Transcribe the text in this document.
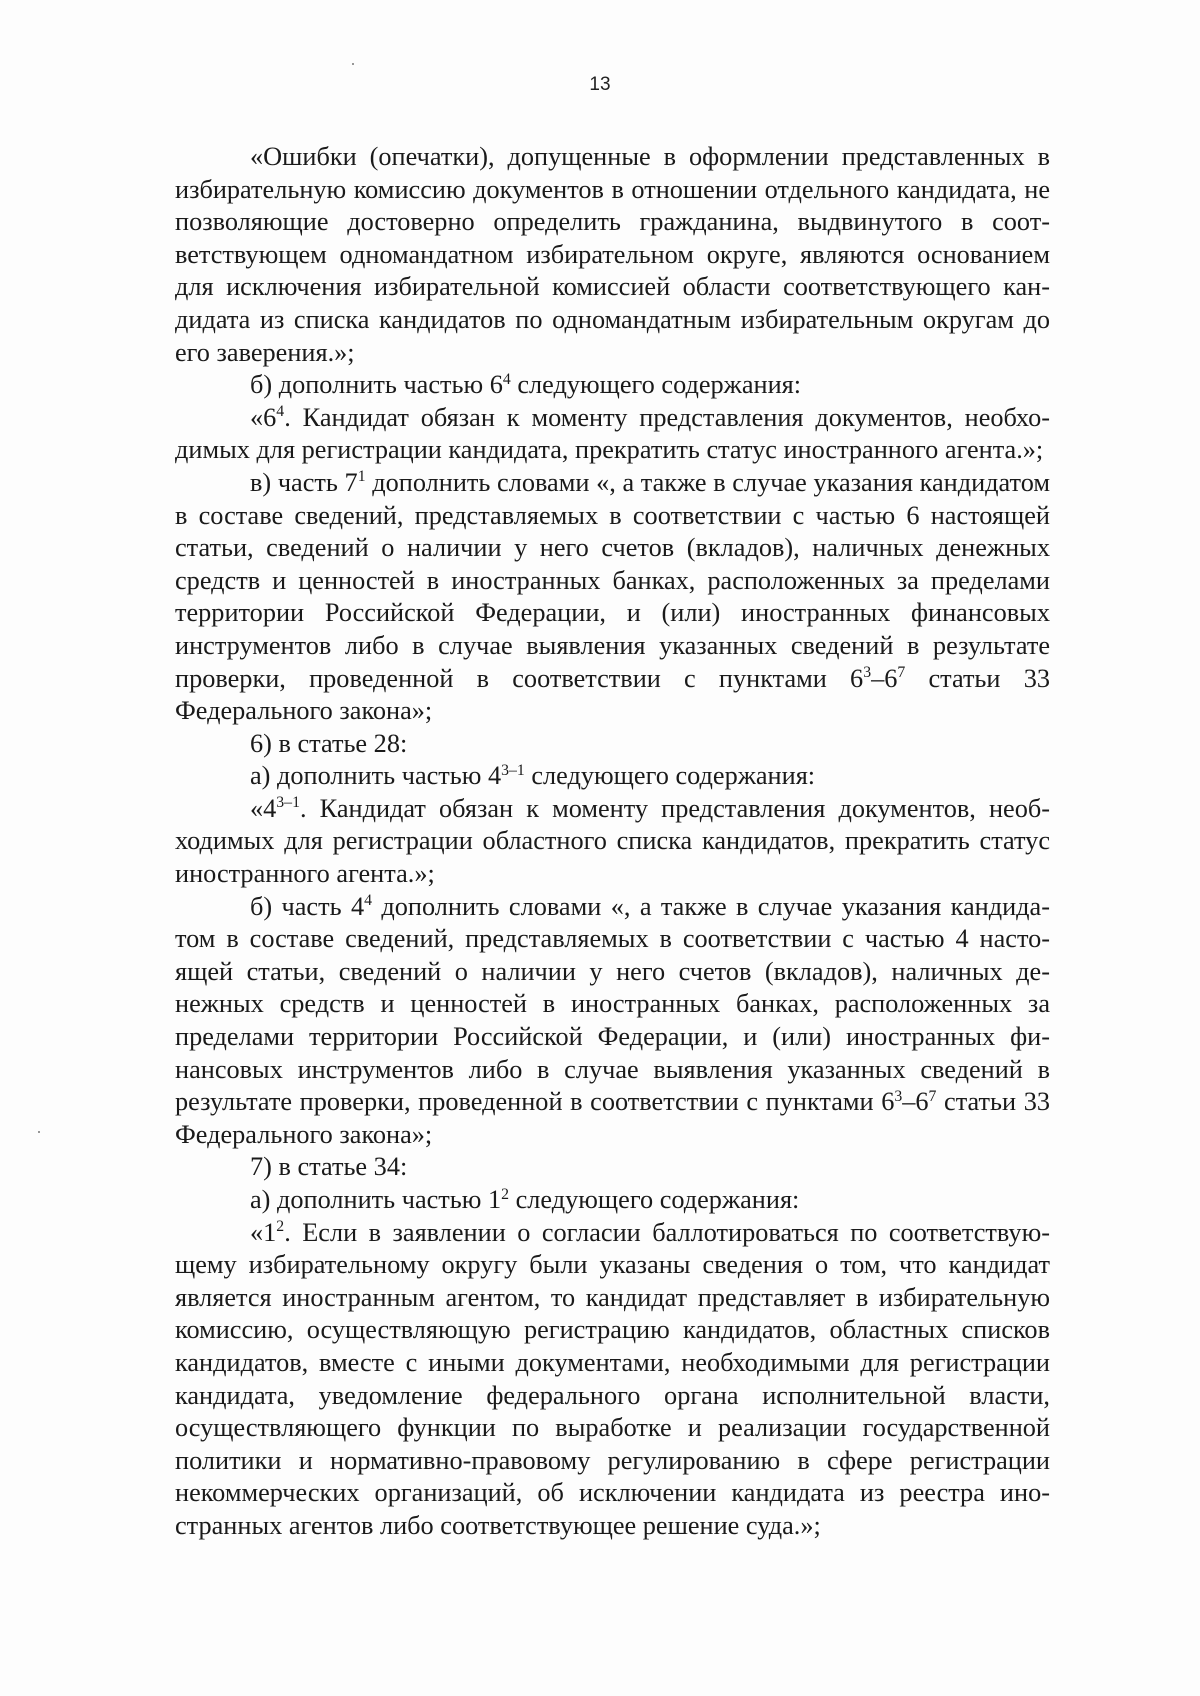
13

«Ошибки (опечатки), допущенные в оформлении представленных в избирательную комиссию документов в отношении отдельного кандидата, не позволяющие достоверно определить гражданина, выдвинутого в соответствующем одномандатном избирательном округе, являются основанием для исключения избирательной комиссией области соответствующего кандидата из списка кандидатов по одномандатным избирательным округам до его заверения.»;

б) дополнить частью $6^4$ следующего содержания:

«$6^4$. Кандидат обязан к моменту представления документов, необходимых для регистрации кандидата, прекратить статус иностранного агента.»;

в) часть $7^1$ дополнить словами «, а также в случае указания кандидатом в составе сведений, представляемых в соответствии с частью 6 настоящей статьи, сведений о наличии у него счетов (вкладов), наличных денежных средств и ценностей в иностранных банках, расположенных за пределами территории Российской Федерации, и (или) иностранных финансовых инструментов либо в случае выявления указанных сведений в результате проверки, проведенной в соответствии с пунктами $6^3-6^7$ статьи 33 Федерального закона»;

6) в статье 28:

а) дополнить частью 4$^{3-1}$ следующего содержания:

«4$^{3-1}$. Кандидат обязан к моменту представления документов, необходимых для регистрации областного списка кандидатов, прекратить статус иностранного агента.»;

б) часть $4^4$ дополнить словами «, а также в случае указания кандидатом в составе сведений, представляемых в соответствии с частью 4 настоящей статьи, сведений о наличии у него счетов (вкладов), наличных денежных средств и ценностей в иностранных банках, расположенных за пределами территории Российской Федерации, и (или) иностранных финансовых инструментов либо в случае выявления указанных сведений в результате проверки, проведенной в соответствии с пунктами $6^3-6^7$ статьи 33 Федерального закона»;

7) в статье 34:

а) дополнить частью $1^2$ следующего содержания:

«$1^2$. Если в заявлении о согласии баллотироваться по соответствующему избирательному округу были указаны сведения о том, что кандидат является иностранным агентом, то кандидат представляет в избирательную комиссию, осуществляющую регистрацию кандидатов, областных списков кандидатов, вместе с иными документами, необходимыми для регистрации кандидата, уведомление федерального органа исполнительной власти, осуществляющего функции по выработке и реализации государственной политики и нормативно-правовому регулированию в сфере регистрации некоммерческих организаций, об исключении кандидата из реестра иностранных агентов либо соответствующее решение суда.»;
